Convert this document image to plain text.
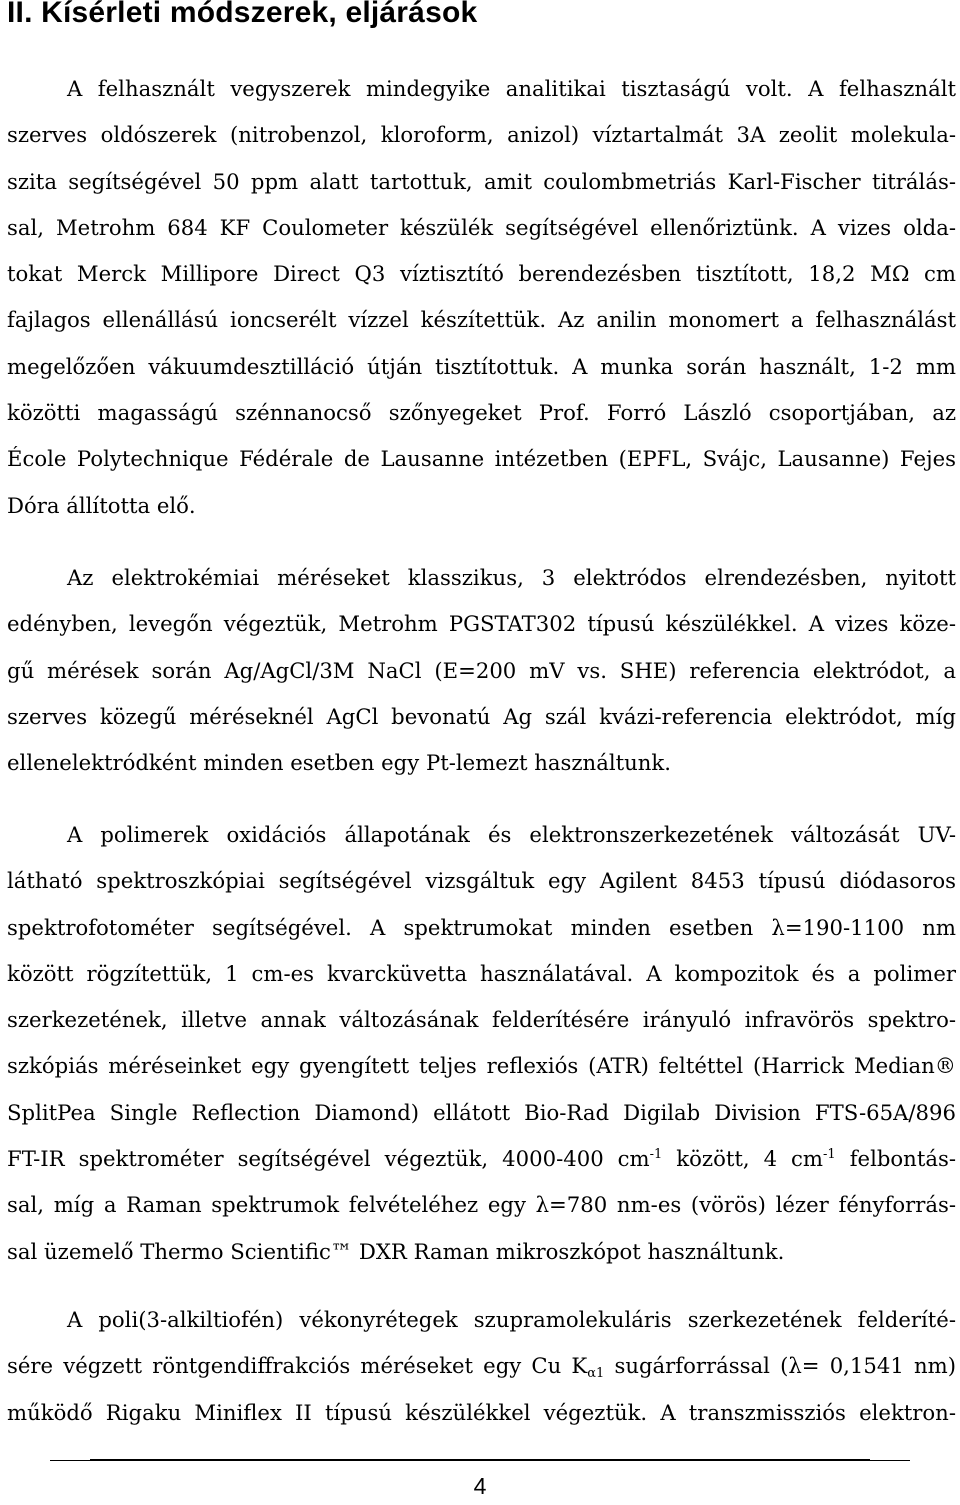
II. Kísérleti módszerek, eljárások
A felhasznált vegyszerek mindegyike analitikai tisztaságú volt. A felhasznált
szerves oldószerek (nitrobenzol, kloroform, anizol) víztartalmát 3A zeolit molekula-
szita segítségével 50 ppm alatt tartottuk, amit coulombmetriás Karl-Fischer titrálás-
sal, Metrohm 684 KF Coulometer készülék segítségével ellenőriztünk. A vizes olda-
tokat Merck Millipore Direct Q3 víztisztító berendezésben tisztított, 18,2 MΩ cm
fajlagos ellenállású ioncserélt vízzel készítettük. Az anilin monomert a felhasználást
megelőzően vákuumdesztilláció útján tisztítottuk. A munka során használt, 1-2 mm
közötti magasságú szénnanocső szőnyegeket Prof. Forró László csoportjában, az
École Polytechnique Fédérale de Lausanne intézetben (EPFL, Svájc, Lausanne) Fejes
Dóra állította elő.
Az elektrokémiai méréseket klasszikus, 3 elektródos elrendezésben, nyitott
edényben, levegőn végeztük, Metrohm PGSTAT302 típusú készülékkel. A vizes köze-
gű mérések során Ag/AgCl/3M NaCl (E=200 mV vs. SHE) referencia elektródot, a
szerves közegű méréseknél AgCl bevonatú Ag szál kvázi-referencia elektródot, míg
ellenelektródként minden esetben egy Pt-lemezt használtunk.
A polimerek oxidációs állapotának és elektronszerkezetének változását UV-
látható spektroszkópiai segítségével vizsgáltuk egy Agilent 8453 típusú diódasoros
spektrofotométer segítségével. A spektrumokat minden esetben λ=190-1100 nm
között rögzítettük, 1 cm-es kvarcküvetta használatával. A kompozitok és a polimer
szerkezetének, illetve annak változásának felderítésére irányuló infravörös spektro-
szkópiás méréseinket egy gyengített teljes reflexiós (ATR) feltéttel (Harrick Median®
SplitPea Single Reflection Diamond) ellátott Bio-Rad Digilab Division FTS-65A/896
FT-IR spektrométer segítségével végeztük, 4000-400 $cm^{-1}$ között, 4 $cm^{-1}$ felbontás-
sal, míg a Raman spektrumok felvételéhez egy λ=780 nm-es (vörös) lézer fényforrás-
sal üzemelő Thermo Scientific™ DXR Raman mikroszkópot használtunk.
A poli(3-alkiltiofén) vékonyrétegek szupramolekuláris szerkezetének felderíté-
sére végzett röntgendiffrakciós méréseket egy Cu $K_{\alpha 1}$ sugárforrással (λ= 0,1541 nm)
működő Rigaku Miniflex II típusú készülékkel végeztük. A transzmissziós elektron-
4
